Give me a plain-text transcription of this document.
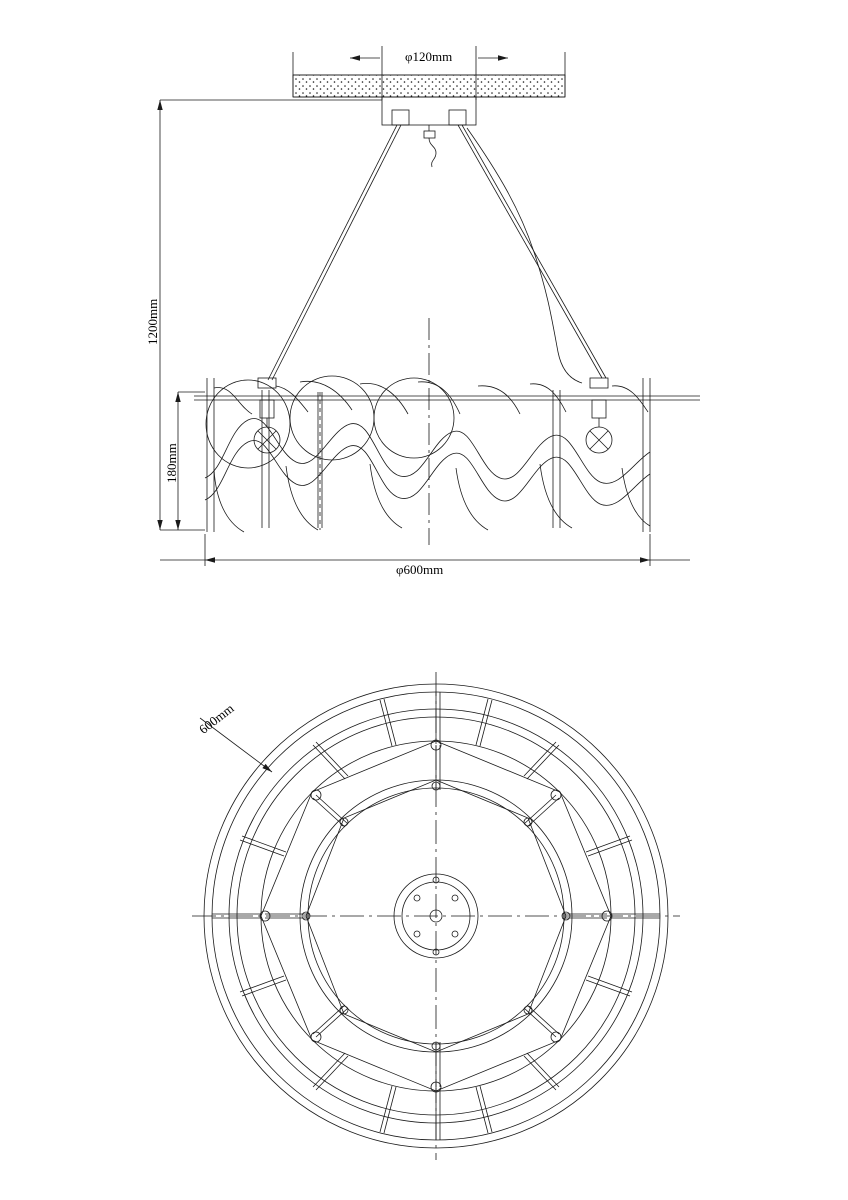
φ120mm
1200mm
180mm
φ600mm
600mm
